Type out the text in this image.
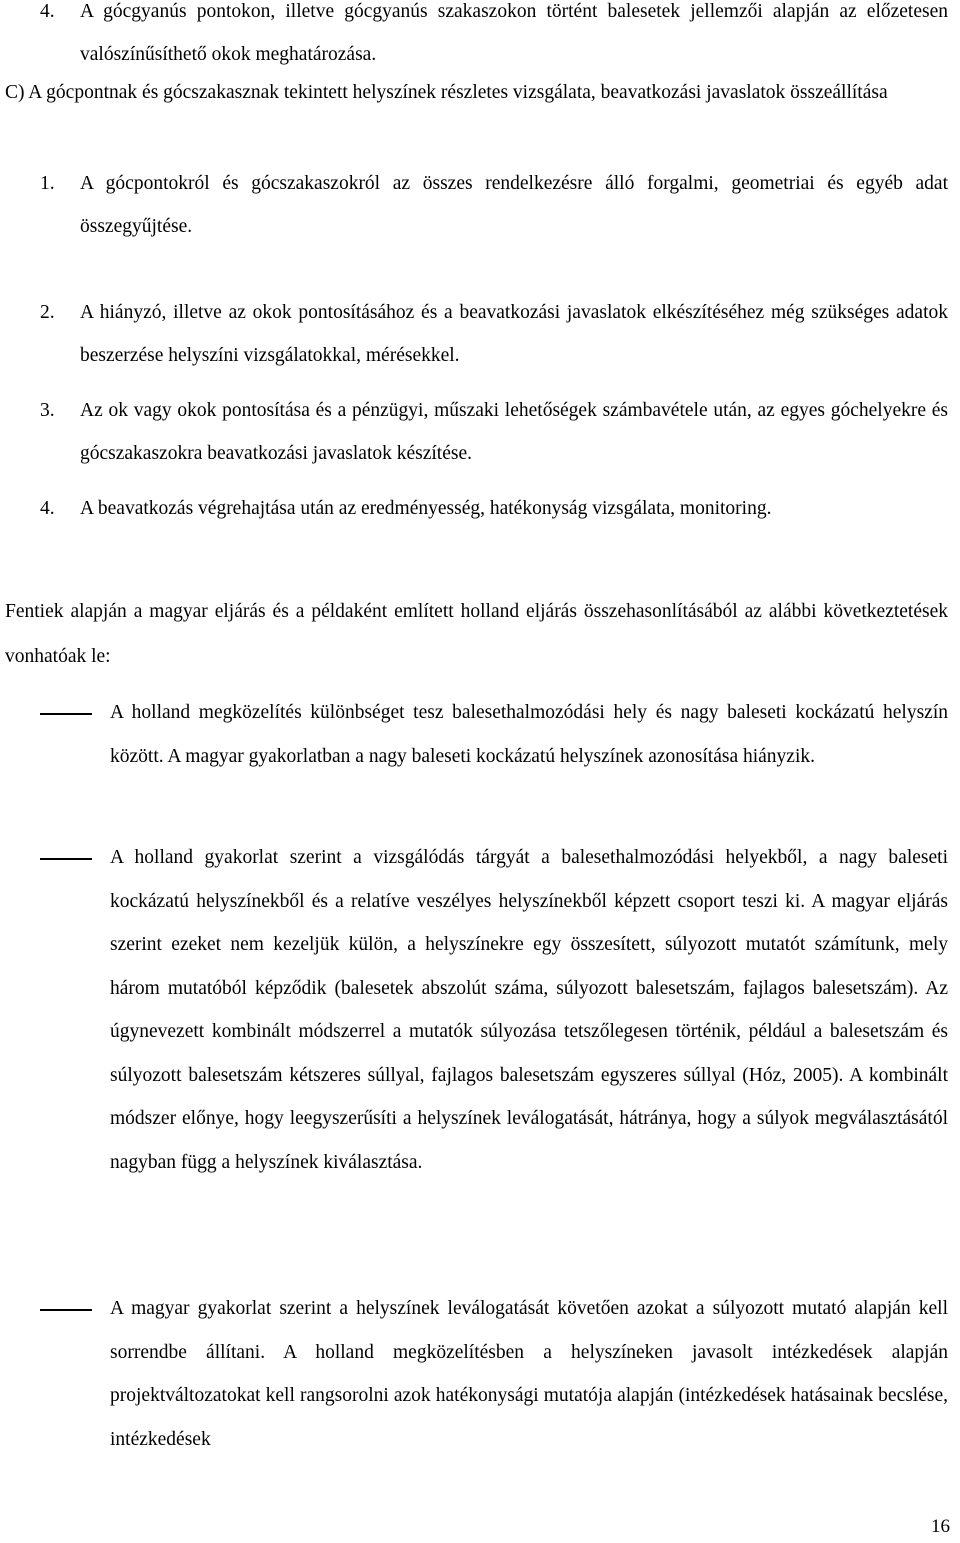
4.	A gócgyanús pontokon, illetve gócgyanús szakaszokon történt balesetek jellemzői alapján az előzetesen valószínűsíthető okok meghatározása.
C) A gócpontnak és gócszakasznak tekintett helyszínek részletes vizsgálata, beavatkozási javaslatok összeállítása
1.	A gócpontokról és gócszakaszokról az összes rendelkezésre álló forgalmi, geometriai és egyéb adat összegyűjtése.
2.	A hiányzó, illetve az okok pontosításához és a beavatkozási javaslatok elkészítéséhez még szükséges adatok beszerzése helyszíni vizsgálatokkal, mérésekkel.
3.	Az ok vagy okok pontosítása és a pénzügyi, műszaki lehetőségek számbavétele után, az egyes góchelyekre és gócszakaszokra beavatkozási javaslatok készítése.
4.	A beavatkozás végrehajtása után az eredményesség, hatékonyság vizsgálata, monitoring.
Fentiek alapján a magyar eljárás és a példaként említett holland eljárás összehasonlításából az alábbi következtetések vonhatóak le:
A holland megközelítés különbséget tesz balesethalmozódási hely és nagy baleseti kockázatú helyszín között. A magyar gyakorlatban a nagy baleseti kockázatú helyszínek azonosítása hiányzik.
A holland gyakorlat szerint a vizsgálódás tárgyát a balesethalmozódási helyekből, a nagy baleseti kockázatú helyszínekből és a relatíve veszélyes helyszínekből képzett csoport teszi ki. A magyar eljárás szerint ezeket nem kezeljük külön, a helyszínekre egy összesített, súlyozott mutatót számítunk, mely három mutatóból képződik (balesetek abszolút száma, súlyozott balesetszám, fajlagos balesetszám). Az úgynevezett kombinált módszerrel a mutatók súlyozása tetszőlegesen történik, például a balesetszám és súlyozott balesetszám kétszeres súllyal, fajlagos balesetszám egyszeres súllyal (Hóz, 2005). A kombinált módszer előnye, hogy leegyszerűsíti a helyszínek leválogatását, hátránya, hogy a súlyok megválasztásától nagyban függ a helyszínek kiválasztása.
A magyar gyakorlat szerint a helyszínek leválogatását követően azokat a súlyozott mutató alapján kell sorrendbe állítani. A holland megközelítésben a helyszíneken javasolt intézkedések alapján projektváltozatokat kell rangsorolni azok hatékonysági mutatója alapján (intézkedések hatásainak becslése, intézkedések
16
